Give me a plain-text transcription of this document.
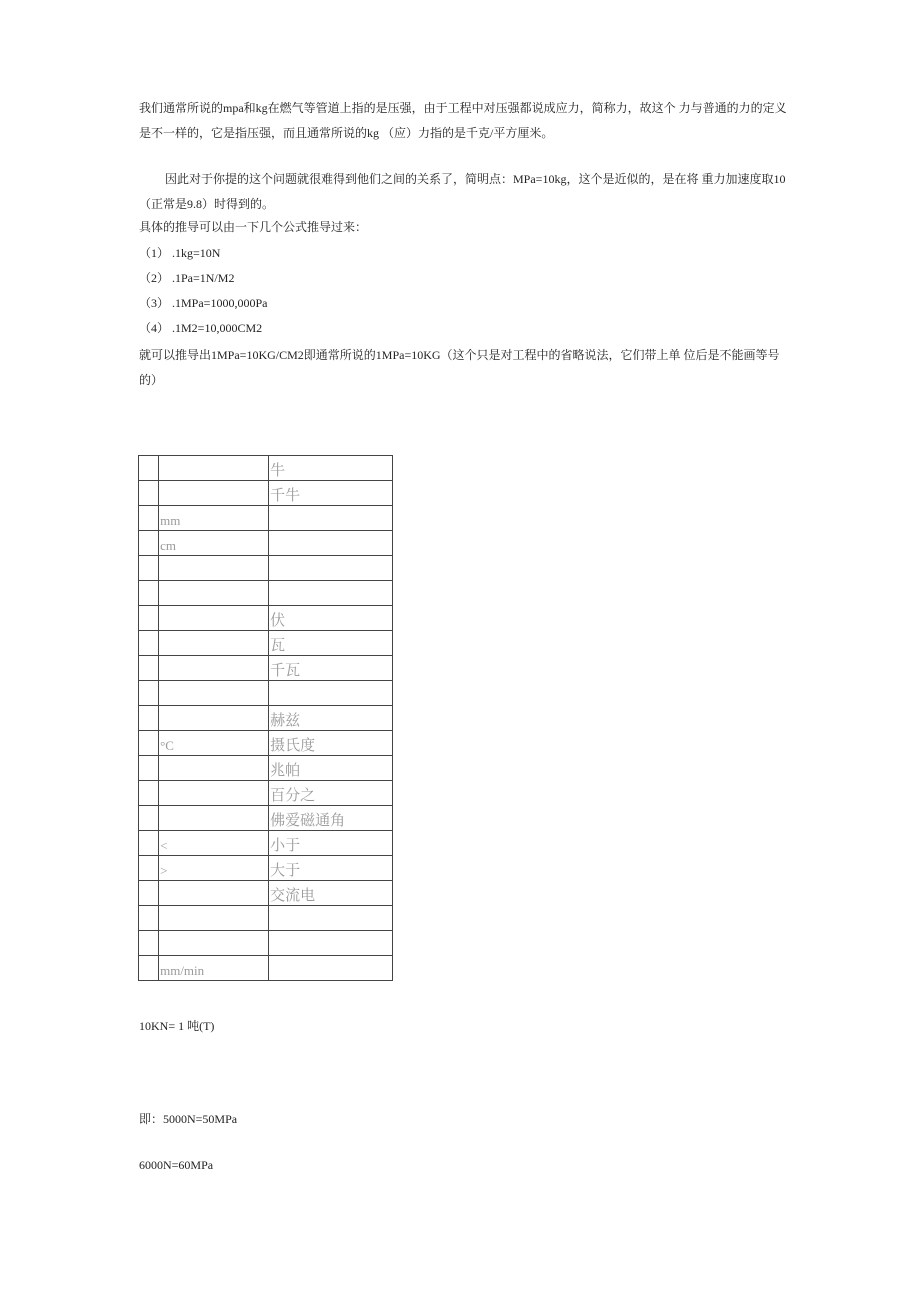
我们通常所说的mpa和kg在燃气等管道上指的是压强，由于工程中对压强都说成应力，简称力，故这个 力与普通的力的定义是不一样的，它是指压强，而且通常所说的kg （应）力指的是千克/平方厘米。

因此对于你提的这个问题就很难得到他们之间的关系了，简明点：MPa=10kg，这个是近似的，是在将 重力加速度取10 （正常是9.8）时得到的。

具体的推导可以由一下几个公式推导过来：
（1） .1kg=10N
（2） .1Pa=1N/M2
（3） .1MPa=1000,000Pa
（4） .1M2=10,000CM2

就可以推导出1MPa=10KG/CM2即通常所说的1MPa=10KG（这个只是对工程中的省略说法，它们带上单 位后是不能画等号的）

		牛
		千牛
	mm	
	cm	

		伏
		瓦
		千瓦

		赫兹
	°C	摄氏度
		兆帕
		百分之
		佛爱磁通角
	<	小于
	>	大于
		交流电

	mm/min	
10KN= 1 吨(T)
即：5000N=50MPa
6000N=60MPa
